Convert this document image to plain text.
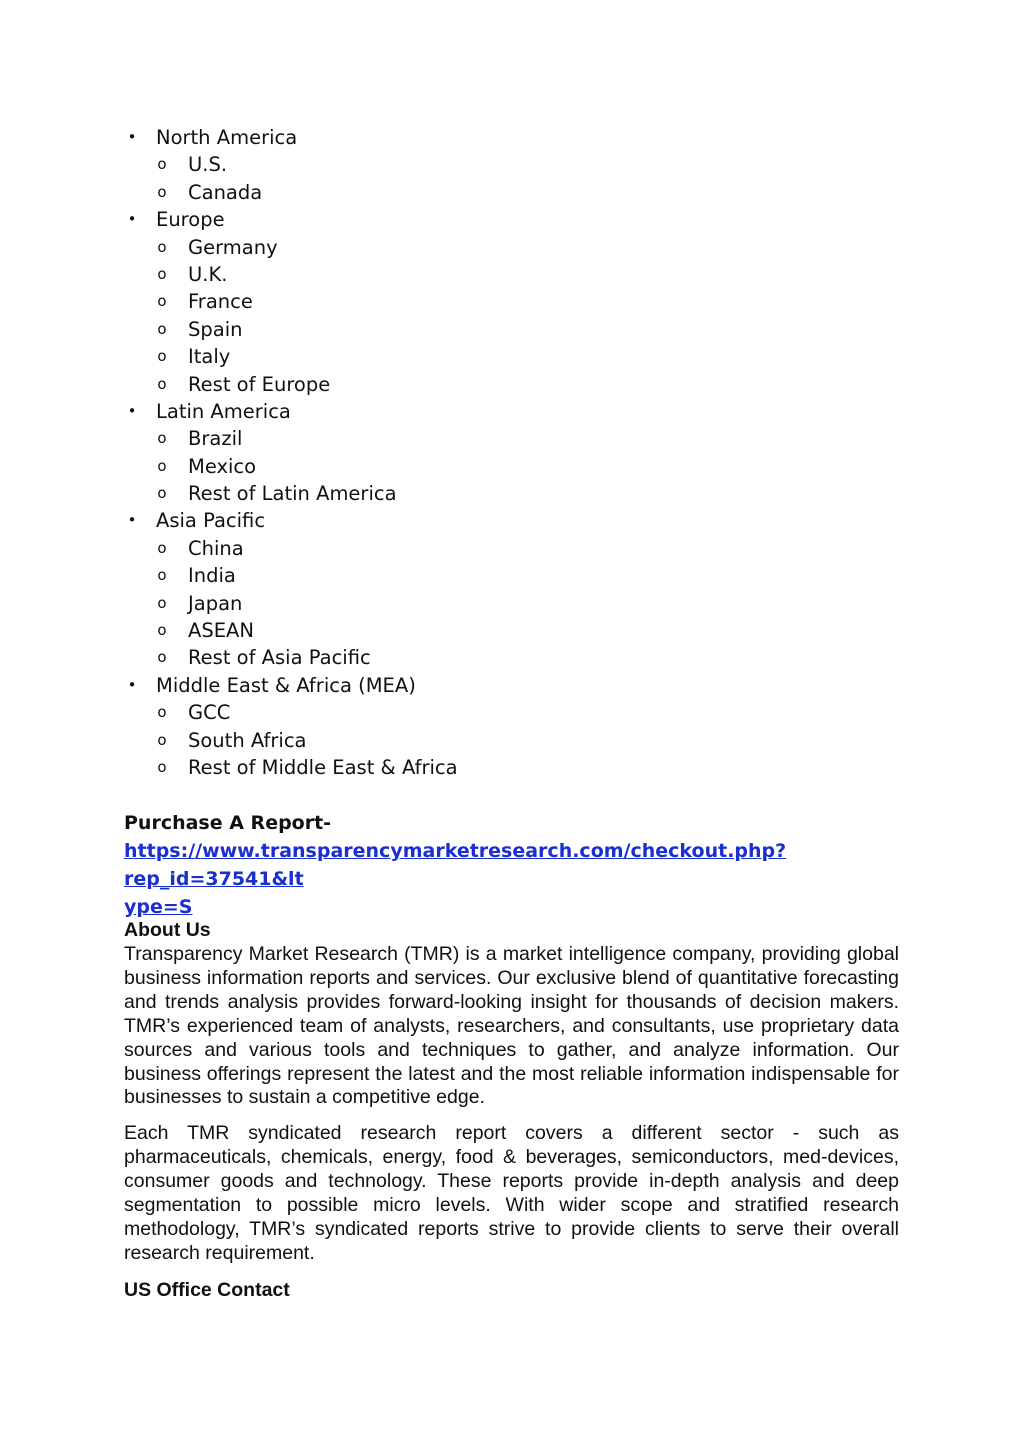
• North America
o U.S.
o Canada
• Europe
o Germany
o U.K.
o France
o Spain
o Italy
o Rest of Europe
• Latin America
o Brazil
o Mexico
o Rest of Latin America
• Asia Pacific
o China
o India
o Japan
o ASEAN
o Rest of Asia Pacific
• Middle East & Africa (MEA)
o GCC
o South Africa
o Rest of Middle East & Africa
Purchase A Report-
https://www.transparencymarketresearch.com/checkout.php?rep_id=37541&lt
ype=S
About Us

Transparency Market Research (TMR) is a market intelligence company, providing global business information reports and services. Our exclusive blend of quantitative forecasting and trends analysis provides forward-looking insight for thousands of decision makers. TMR’s experienced team of analysts, researchers, and consultants, use proprietary data sources and various tools and techniques to gather, and analyze information. Our business offerings represent the latest and the most reliable information indispensable for businesses to sustain a competitive edge.

Each TMR syndicated research report covers a different sector - such as pharmaceuticals, chemicals, energy, food & beverages, semiconductors, med-devices, consumer goods and technology. These reports provide in-depth analysis and deep segmentation to possible micro levels. With wider scope and stratified research methodology, TMR’s syndicated reports strive to provide clients to serve their overall research requirement.

US Office Contact
